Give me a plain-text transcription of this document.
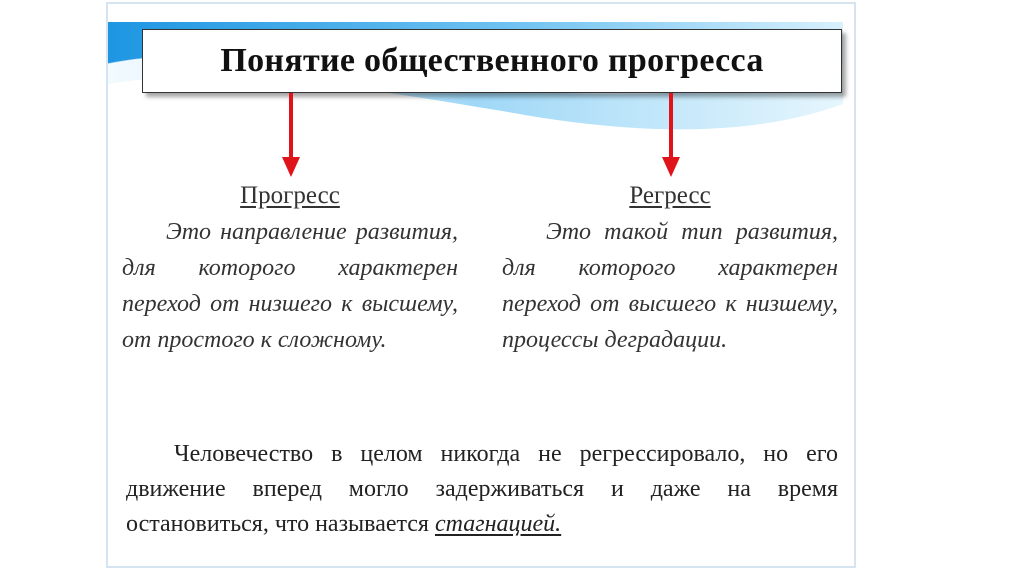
Понятие общественного прогресса
Прогресс
Это направление развития, для которого характерен переход от низшего к высшему, от простого к сложному.
Регресс
Это такой тип развития, для которого характерен переход от высшего к низшему, процессы деградации.
Человечество в целом никогда не регрессировало, но его движение вперед могло задерживаться и даже на время остановиться, что называется стагнацией.
